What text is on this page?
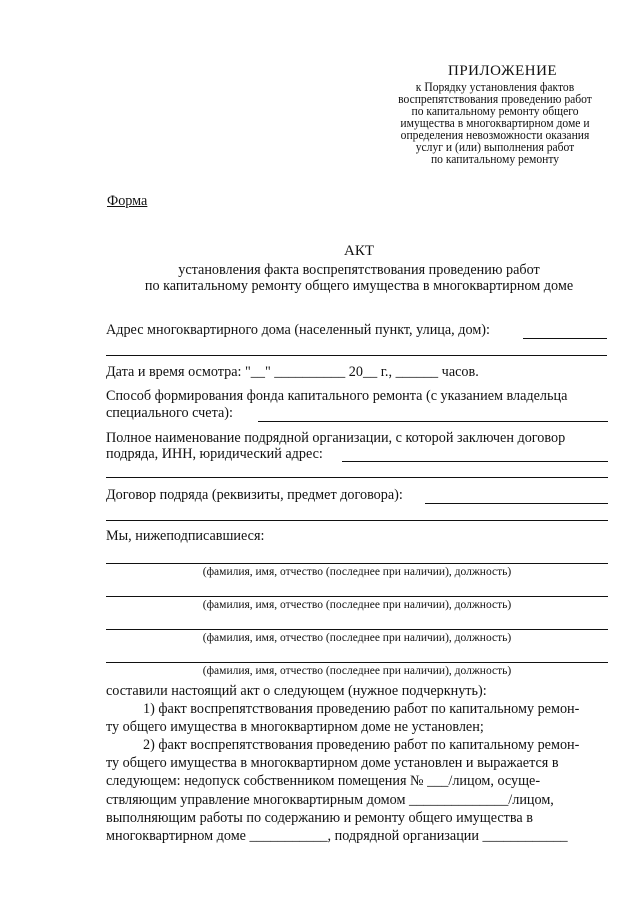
ПРИЛОЖЕНИЕ
к Порядку установления фактов
воспрепятствования проведению работ
по капитальному ремонту общего
имущества в многоквартирном доме и
определения невозможности оказания
услуг и (или) выполнения работ
по капитальному ремонту
Форма
АКТ
установления факта воспрепятствования проведению работ
по капитальному ремонту общего имущества в многоквартирном доме
Адрес многоквартирного дома (населенный пункт, улица, дом):
Дата и время осмотра: "__" __________ 20__ г., ______ часов.
Способ формирования фонда капитального ремонта (с указанием владельца
специального счета):
Полное наименование подрядной организации, с которой заключен договор
подряда, ИНН, юридический адрес:
Договор подряда (реквизиты, предмет договора):
Мы, нижеподписавшиеся:
(фамилия, имя, отчество (последнее при наличии), должность)
(фамилия, имя, отчество (последнее при наличии), должность)
(фамилия, имя, отчество (последнее при наличии), должность)
(фамилия, имя, отчество (последнее при наличии), должность)
составили настоящий акт о следующем (нужное подчеркнуть):
1) факт воспрепятствования проведению работ по капитальному ремон-
ту общего имущества в многоквартирном доме не установлен;
2) факт воспрепятствования проведению работ по капитальному ремон-
ту общего имущества в многоквартирном доме установлен и выражается в
следующем: недопуск собственником помещения № ___/лицом, осуще-
ствляющим управление многоквартирным домом ______________/лицом,
выполняющим работы по содержанию и ремонту общего имущества в
многоквартирном доме ___________, подрядной организации ____________
